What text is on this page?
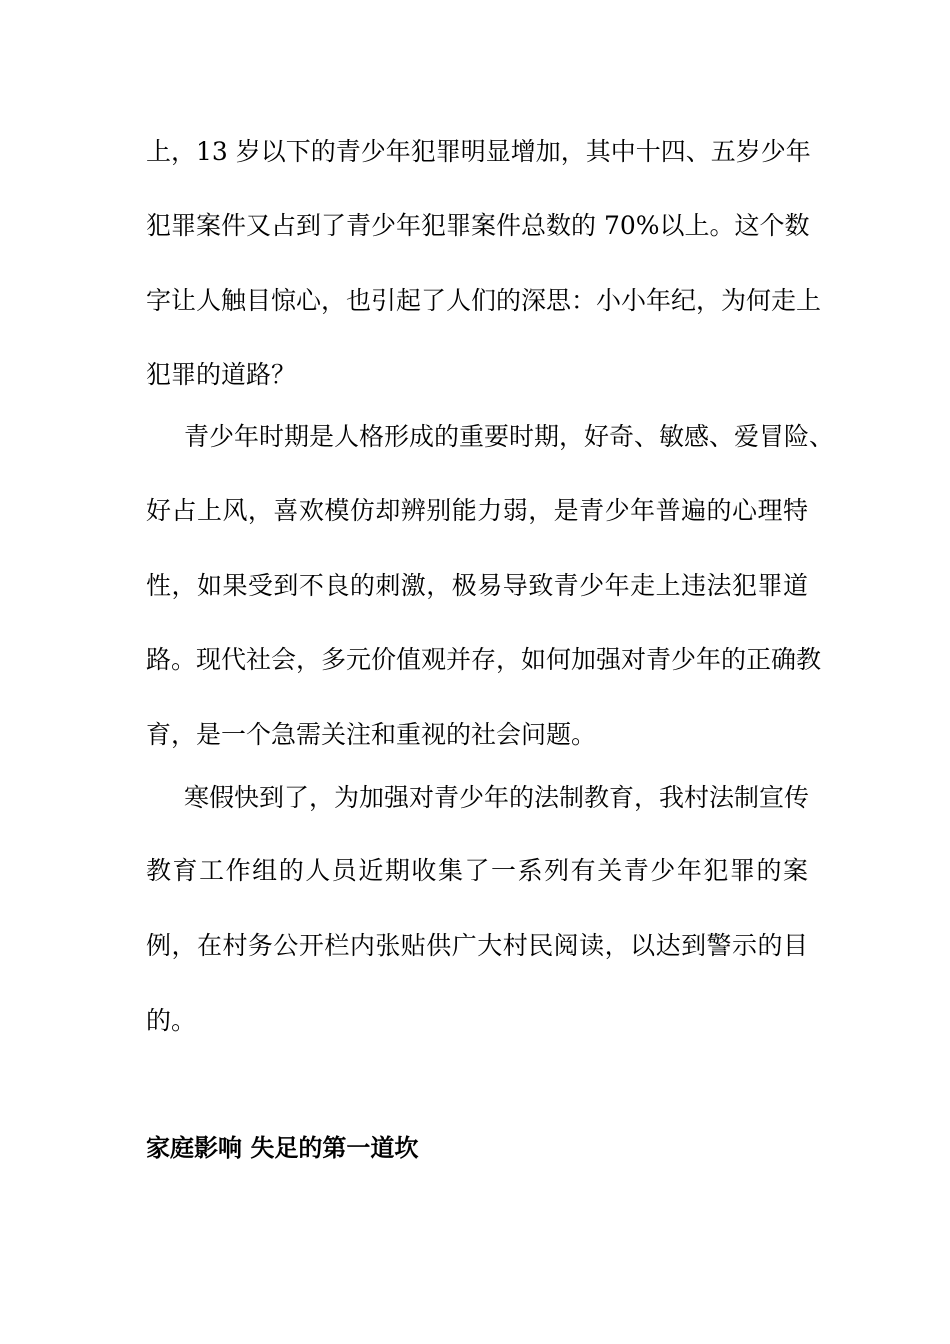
上，13 岁以下的青少年犯罪明显增加，其中十四、五岁少年
犯罪案件又占到了青少年犯罪案件总数的 70%以上。这个数
字让人触目惊心，也引起了人们的深思：小小年纪，为何走上
犯罪的道路？
青少年时期是人格形成的重要时期，好奇、敏感、爱冒险、
好占上风，喜欢模仿却辨别能力弱，是青少年普遍的心理特
性，如果受到不良的刺激，极易导致青少年走上违法犯罪道
路。现代社会，多元价值观并存，如何加强对青少年的正确教
育，是一个急需关注和重视的社会问题。
寒假快到了，为加强对青少年的法制教育，我村法制宣传
教育工作组的人员近期收集了一系列有关青少年犯罪的案
例，在村务公开栏内张贴供广大村民阅读，以达到警示的目
的。
家庭影响 失足的第一道坎
